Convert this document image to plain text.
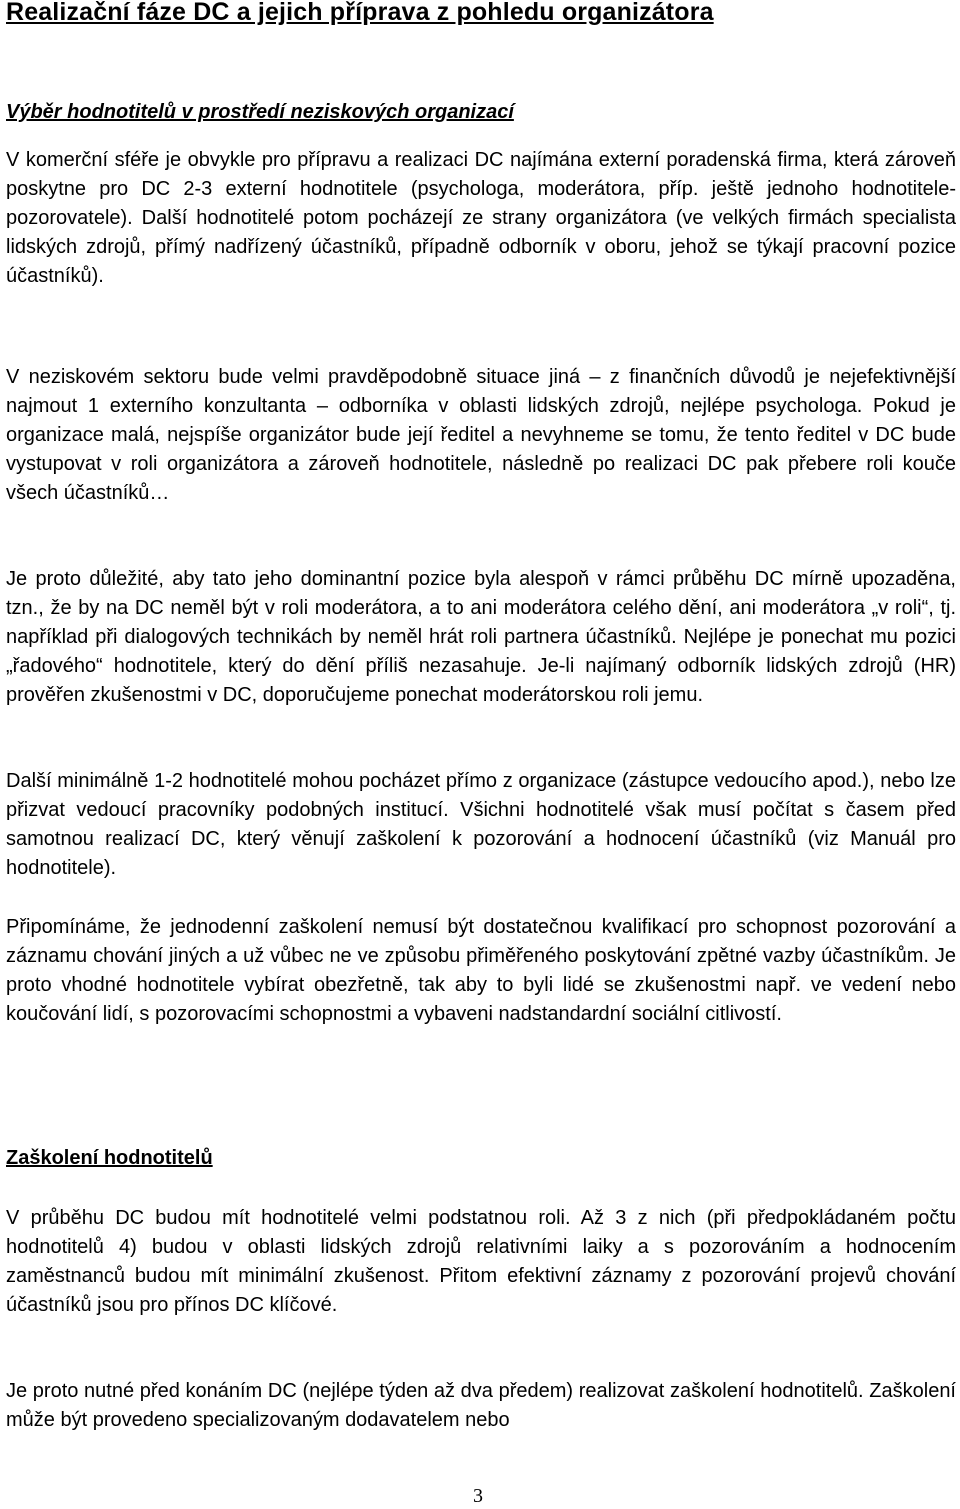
Realizační fáze DC a jejich příprava z pohledu organizátora
Výběr hodnotitelů v prostředí neziskových organizací

V komerční sféře je obvykle pro přípravu a realizaci DC najímána externí poradenská firma, která zároveň poskytne pro DC 2-3 externí hodnotitele (psychologa, moderátora, příp. ještě jednoho hodnotitele-pozorovatele). Další hodnotitelé potom pocházejí ze strany organizátora (ve velkých firmách specialista lidských zdrojů, přímý nadřízený účastníků, případně odborník v oboru, jehož se týkají pracovní pozice účastníků).

V neziskovém sektoru bude velmi pravděpodobně situace jiná – z finančních důvodů je nejefektivnější najmout 1 externího konzultanta – odborníka v oblasti lidských zdrojů, nejlépe psychologa. Pokud je organizace malá, nejspíše organizátor bude její ředitel a nevyhneme se tomu, že tento ředitel v DC bude vystupovat v roli organizátora a zároveň hodnotitele, následně po realizaci DC pak přebere roli kouče všech účastníků…

Je proto důležité, aby tato jeho dominantní pozice byla alespoň v rámci průběhu DC mírně upozaděna, tzn., že by na DC neměl být v roli moderátora, a to ani moderátora celého dění, ani moderátora „v roli“, tj. například při dialogových technikách by neměl hrát roli partnera účastníků. Nejlépe je ponechat mu pozici „řadového“ hodnotitele, který do dění příliš nezasahuje. Je-li najímaný odborník lidských zdrojů (HR) prověřen zkušenostmi v DC, doporučujeme ponechat moderátorskou roli jemu.

Další minimálně 1-2 hodnotitelé mohou pocházet přímo z organizace (zástupce vedoucího apod.), nebo lze přizvat vedoucí pracovníky podobných institucí. Všichni hodnotitelé však musí počítat s časem před samotnou realizací DC, který věnují zaškolení k pozorování a hodnocení účastníků (viz Manuál pro hodnotitele).

Připomínáme, že jednodenní zaškolení nemusí být dostatečnou kvalifikací pro schopnost pozorování a záznamu chování jiných a už vůbec ne ve způsobu přiměřeného poskytování zpětné vazby účastníkům. Je proto vhodné hodnotitele vybírat obezřetně, tak aby to byli lidé se zkušenostmi např. ve vedení nebo koučování lidí, s pozorovacími schopnostmi a vybaveni nadstandardní sociální citlivostí.

Zaškolení hodnotitelů

V průběhu DC budou mít hodnotitelé velmi podstatnou roli. Až 3 z nich (při předpokládaném počtu hodnotitelů 4) budou v oblasti lidských zdrojů relativními laiky a s pozorováním a hodnocením zaměstnanců budou mít minimální zkušenost. Přitom efektivní záznamy z pozorování projevů chování účastníků jsou pro přínos DC klíčové.

Je proto nutné před konáním DC (nejlépe týden až dva předem) realizovat zaškolení hodnotitelů. Zaškolení může být provedeno specializovaným dodavatelem nebo

3
